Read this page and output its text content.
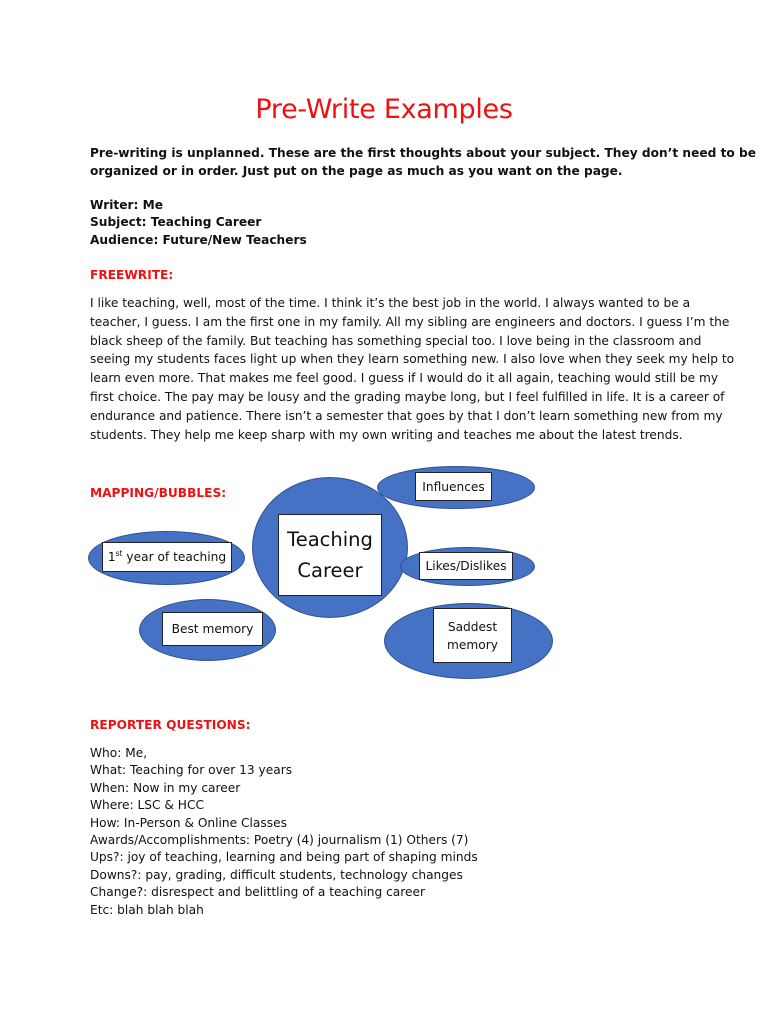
Pre-Write Examples
Pre-writing is unplanned. These are the first thoughts about your subject. They don’t need to be
organized or in order. Just put on the page as much as you want on the page.
Writer: Me
Subject: Teaching Career
Audience: Future/New Teachers
FREEWRITE:
I like teaching, well, most of the time. I think it’s the best job in the world. I always wanted to be a
teacher, I guess. I am the first one in my family. All my sibling are engineers and doctors. I guess I’m the
black sheep of the family. But teaching has something special too. I love being in the classroom and
seeing my students faces light up when they learn something new. I also love when they seek my help to
learn even more. That makes me feel good. I guess if I would do it all again, teaching would still be my
first choice. The pay may be lousy and the grading maybe long, but I feel fulfilled in life. It is a career of
endurance and patience. There isn’t a semester that goes by that I don’t learn something new from my
students. They help me keep sharp with my own writing and teaches me about the latest trends.
MAPPING/BUBBLES:	Influences
Teaching
Career
1st year of teaching
Likes/Dislikes
Best memory	Saddest
memory
REPORTER QUESTIONS:
Who: Me,
What: Teaching for over 13 years
When: Now in my career
Where: LSC & HCC
How: In-Person & Online Classes
Awards/Accomplishments: Poetry (4) journalism (1) Others (7)
Ups?: joy of teaching, learning and being part of shaping minds
Downs?: pay, grading, difficult students, technology changes
Change?: disrespect and belittling of a teaching career
Etc: blah blah blah
